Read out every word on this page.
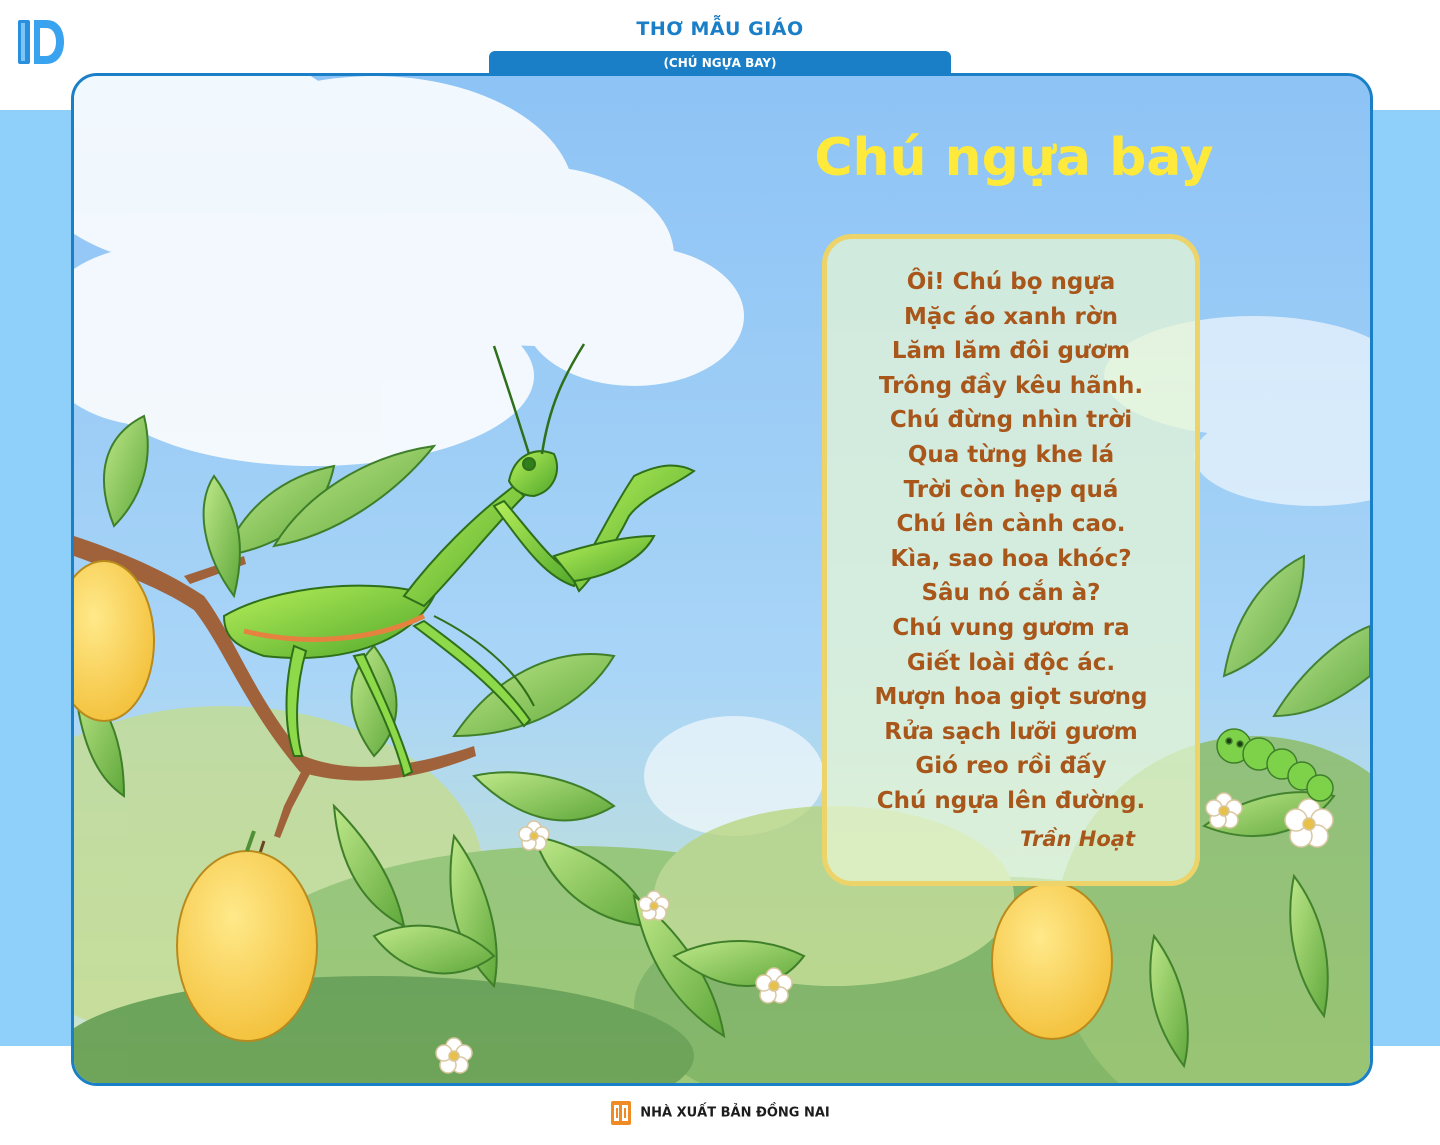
THƠ MẪU GIÁO
(CHÚ NGỰA BAY)
Chú ngựa bay
Ôi! Chú bọ ngựa
Mặc áo xanh rờn
Lăm lăm đôi gươm
Trông đầy kêu hãnh.
Chú đừng nhìn trời
Qua từng khe lá
Trời còn hẹp quá
Chú lên cành cao.
Kìa, sao hoa khóc?
Sâu nó cắn à?
Chú vung gươm ra
Giết loài độc ác.
Mượn hoa giọt sương
Rửa sạch lưỡi gươm
Gió reo rồi đấy
Chú ngựa lên đường.
Trần Hoạt
NHÀ XUẤT BẢN ĐỒNG NAI
